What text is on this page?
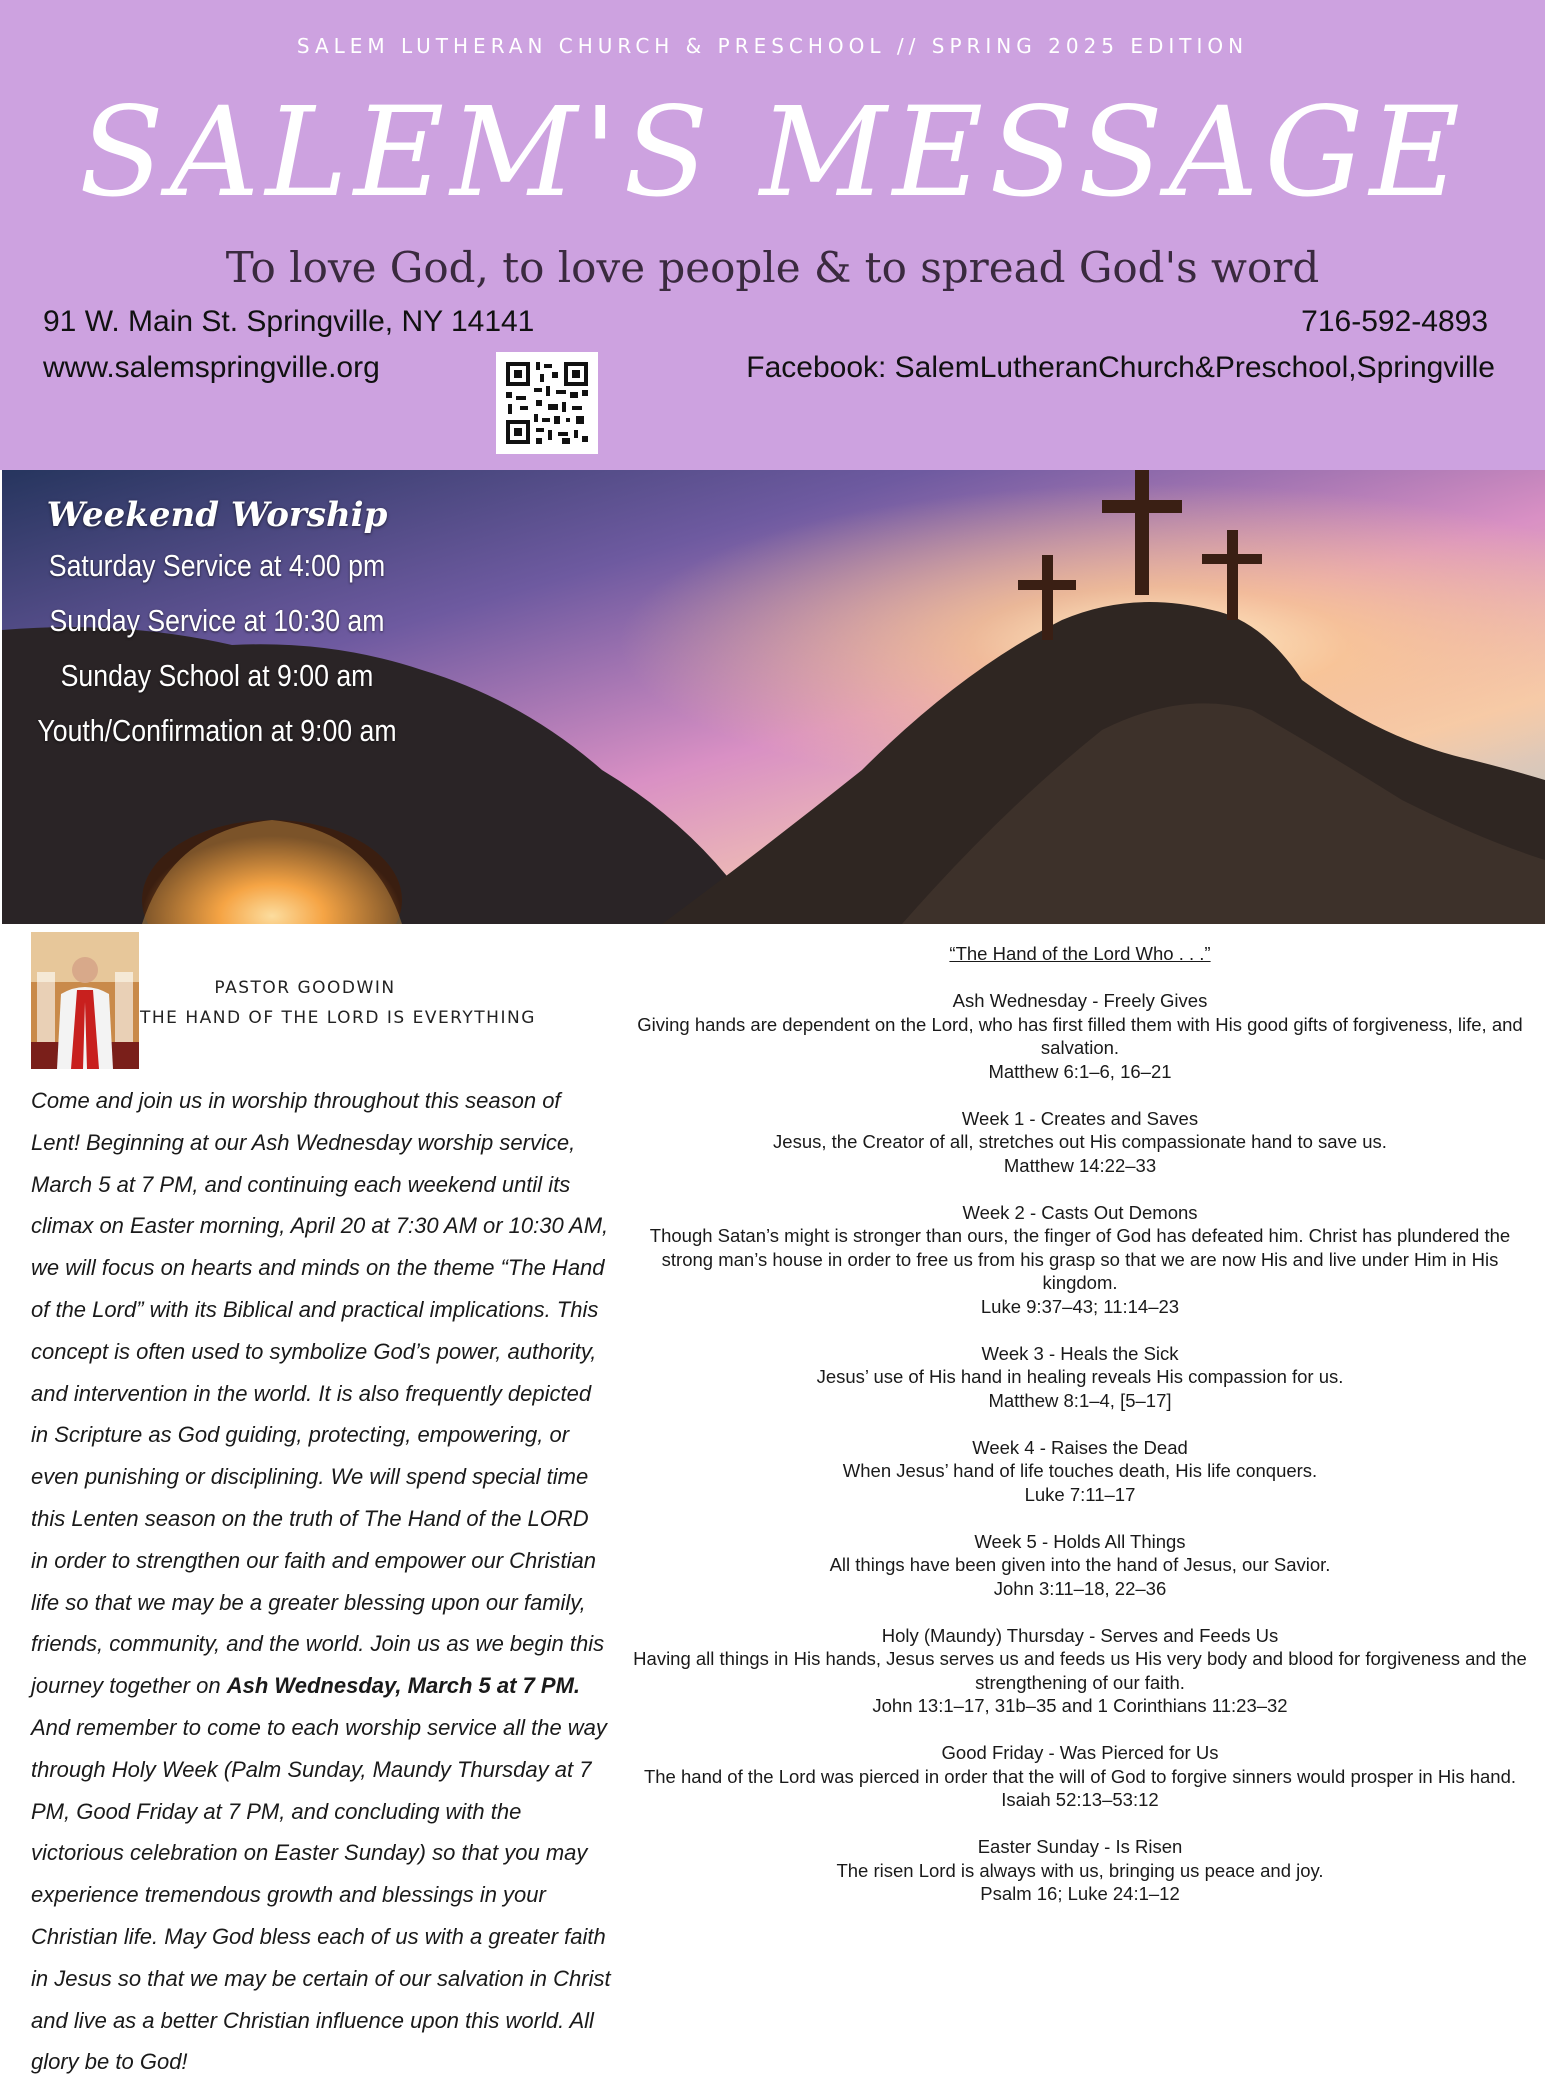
SALEM LUTHERAN CHURCH & PRESCHOOL // SPRING 2025 EDITION
SALEM'S MESSAGE
To love God, to love people & to spread God's word
91 W. Main St. Springville, NY 14141
www.salemspringville.org
716-592-4893
Facebook: SalemLutheranChurch&Preschool,Springville
Weekend Worship
Saturday Service at 4:00 pm
Sunday Service at 10:30 am
Sunday School at 9:00 am
Youth/Confirmation at 9:00 am
PASTOR GOODWIN
THE HAND OF THE LORD IS EVERYTHING
Come and join us in worship throughout this season of Lent! Beginning at our Ash Wednesday worship service, March 5 at 7 PM, and continuing each weekend until its climax on Easter morning, April 20 at 7:30 AM or 10:30 AM, we will focus on hearts and minds on the theme “The Hand of the Lord” with its Biblical and practical implications. This concept is often used to symbolize God’s power, authority, and intervention in the world. It is also frequently depicted in Scripture as God guiding, protecting, empowering, or even punishing or disciplining. We will spend special time this Lenten season on the truth of The Hand of the LORD in order to strengthen our faith and empower our Christian life so that we may be a greater blessing upon our family, friends, community, and the world. Join us as we begin this journey together on Ash Wednesday, March 5 at 7 PM. And remember to come to each worship service all the way through Holy Week (Palm Sunday, Maundy Thursday at 7 PM, Good Friday at 7 PM, and concluding with the victorious celebration on Easter Sunday) so that you may experience tremendous growth and blessings in your Christian life. May God bless each of us with a greater faith in Jesus so that we may be certain of our salvation in Christ and live as a better Christian influence upon this world. All glory be to God!
“The Hand of the Lord Who . . .”
Ash Wednesday - Freely Gives
Giving hands are dependent on the Lord, who has first filled them with His good gifts of forgiveness, life, and salvation.
Matthew 6:1–6, 16–21
Week 1 - Creates and Saves
Jesus, the Creator of all, stretches out His compassionate hand to save us.
Matthew 14:22–33
Week 2 - Casts Out Demons
Though Satan’s might is stronger than ours, the finger of God has defeated him. Christ has plundered the strong man’s house in order to free us from his grasp so that we are now His and live under Him in His kingdom.
Luke 9:37–43; 11:14–23
Week 3 - Heals the Sick
Jesus’ use of His hand in healing reveals His compassion for us.
Matthew 8:1–4, [5–17]
Week 4 - Raises the Dead
When Jesus’ hand of life touches death, His life conquers.
Luke 7:11–17
Week 5 - Holds All Things
All things have been given into the hand of Jesus, our Savior.
John 3:11–18, 22–36
Holy (Maundy) Thursday - Serves and Feeds Us
Having all things in His hands, Jesus serves us and feeds us His very body and blood for forgiveness and the strengthening of our faith.
John 13:1–17, 31b–35 and 1 Corinthians 11:23–32
Good Friday - Was Pierced for Us
The hand of the Lord was pierced in order that the will of God to forgive sinners would prosper in His hand.
Isaiah 52:13–53:12
Easter Sunday - Is Risen
The risen Lord is always with us, bringing us peace and joy.
Psalm 16; Luke 24:1–12
